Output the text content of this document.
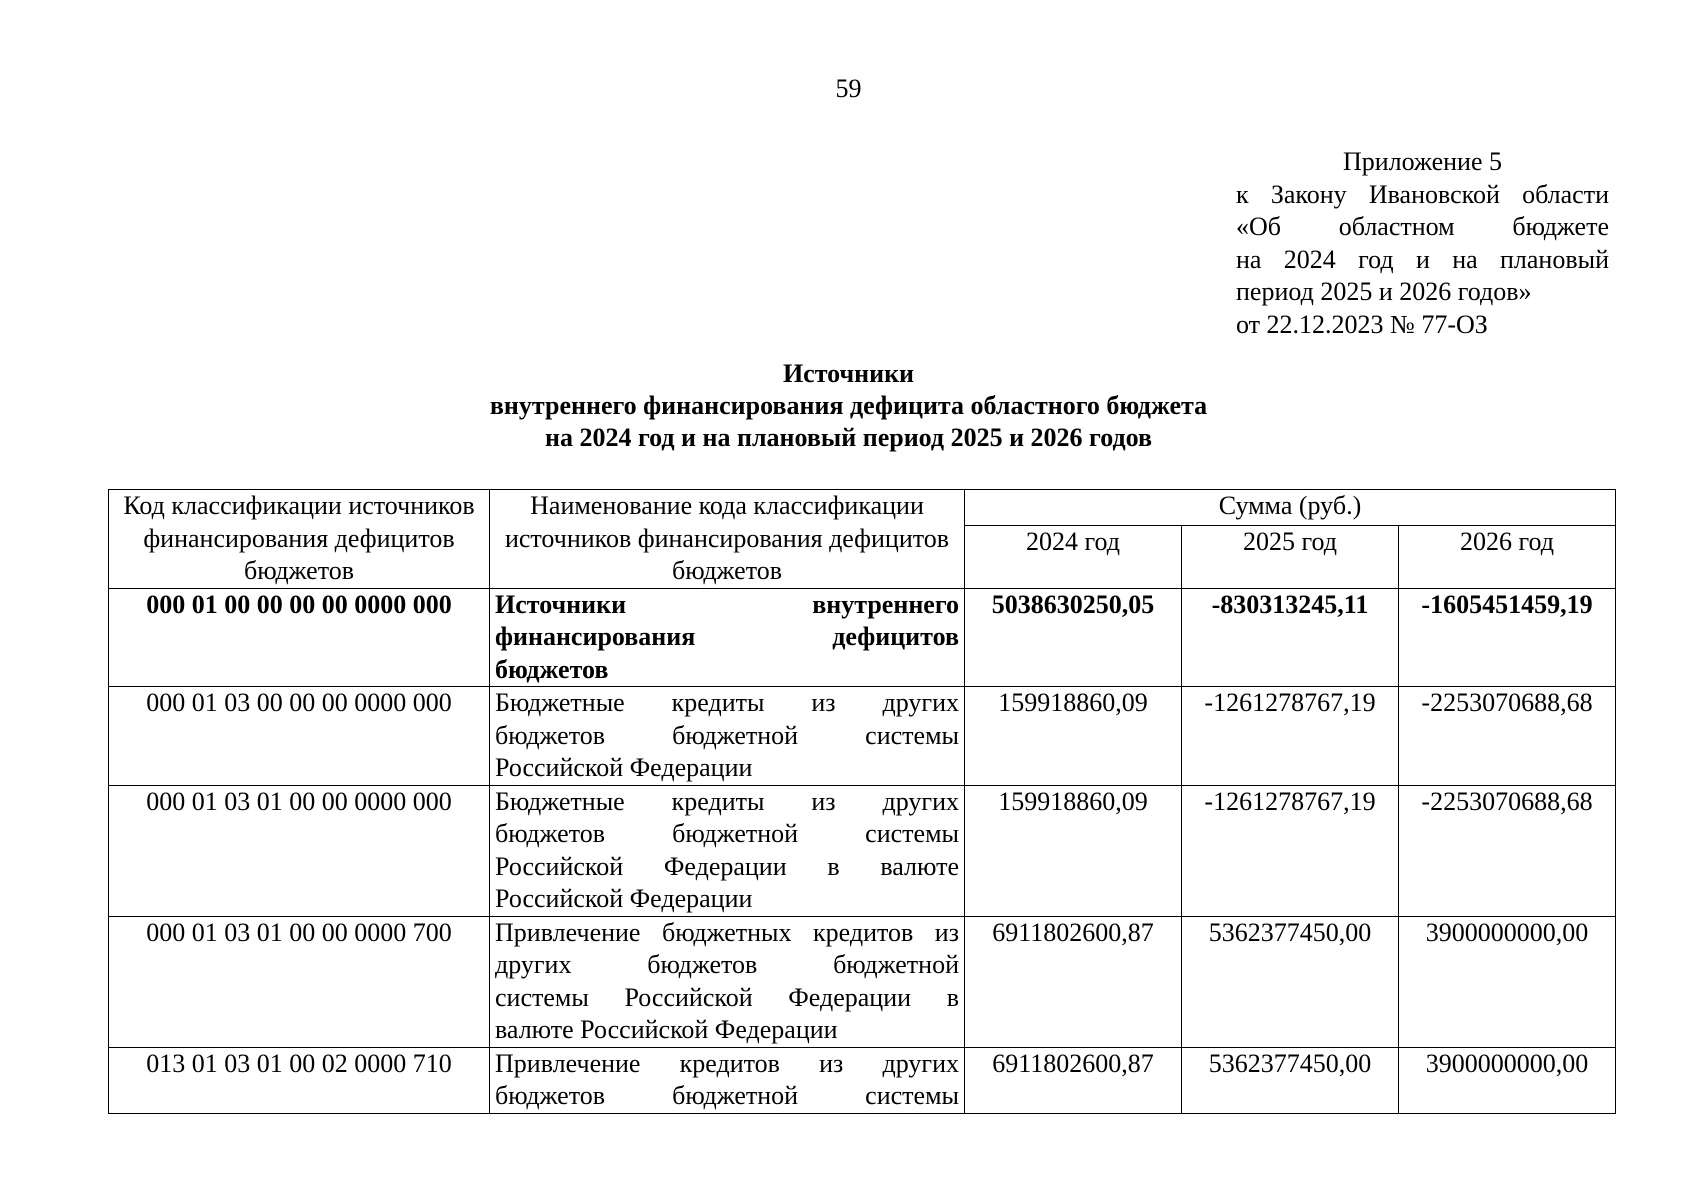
59
Приложение 5
к Закону Ивановской области
«Об областном бюджете
на 2024 год и на плановый
период 2025 и 2026 годов»
от 22.12.2023 № 77-ОЗ
Источники
внутреннего финансирования дефицита областного бюджета
на 2024 год и на плановый период 2025 и 2026 годов
Код классификации источников финансирования дефицитов бюджетов	Наименование кода классификации источников финансирования дефицитов бюджетов	Сумма (руб.)		
		2024 год	2025 год	2026 год
000 01 00 00 00 00 0000 000	Источники внутреннего
финансирования дефицитов
бюджетов	5038630250,05	-830313245,11	-1605451459,19
000 01 03 00 00 00 0000 000	Бюджетные кредиты из других
бюджетов бюджетной системы
Российской Федерации	159918860,09	-1261278767,19	-2253070688,68
000 01 03 01 00 00 0000 000	Бюджетные кредиты из других
бюджетов бюджетной системы
Российской Федерации в валюте
Российской Федерации	159918860,09	-1261278767,19	-2253070688,68
000 01 03 01 00 00 0000 700	Привлечение бюджетных кредитов из
других бюджетов бюджетной
системы Российской Федерации в
валюте Российской Федерации	6911802600,87	5362377450,00	3900000000,00
013 01 03 01 00 02 0000 710	Привлечение кредитов из других
бюджетов бюджетной системы	6911802600,87	5362377450,00	3900000000,00
